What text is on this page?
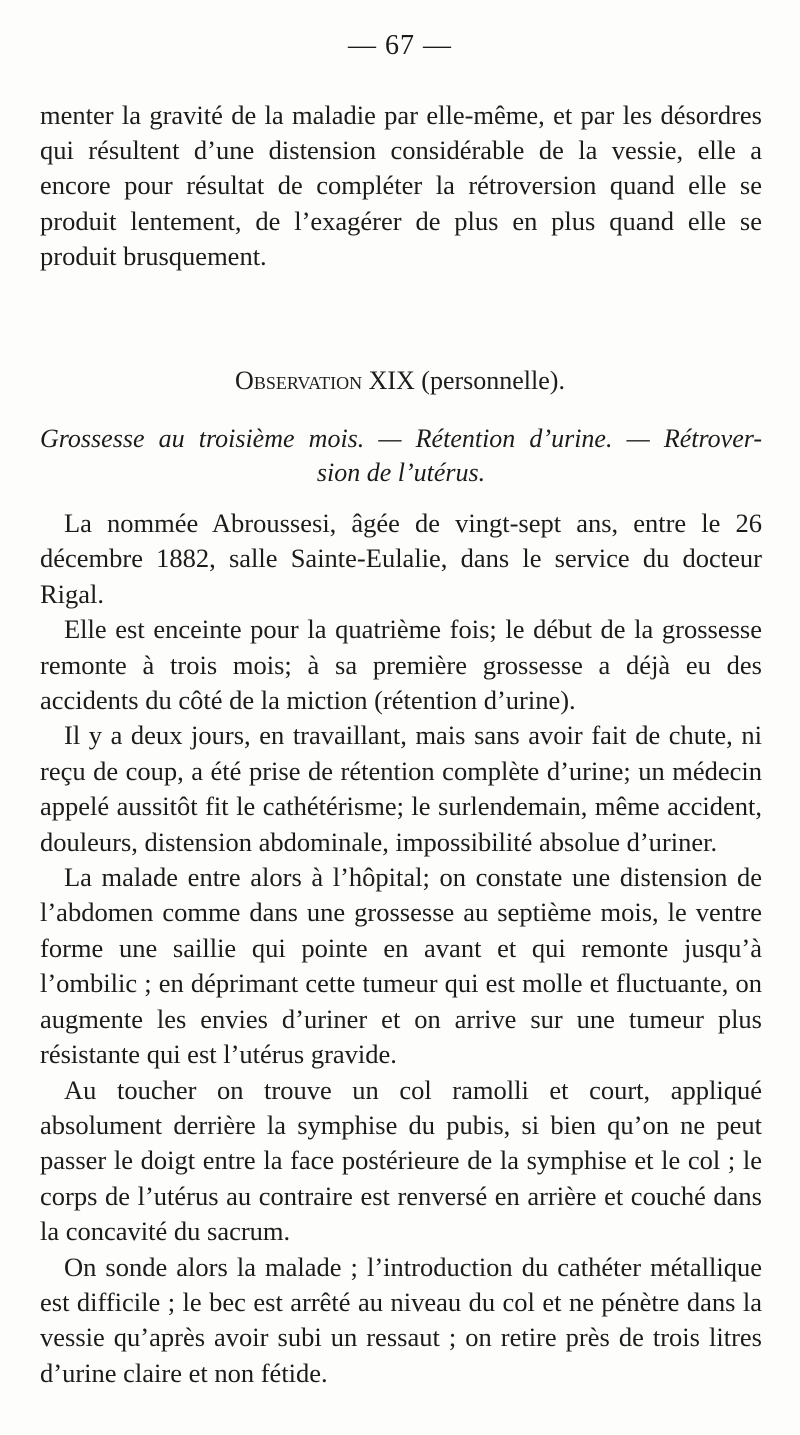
— 67 —

menter la gravité de la maladie par elle-même, et par les désordres qui résultent d’une distension considérable de la vessie, elle a encore pour résultat de compléter la rétroversion quand elle se produit lentement, de l’exagérer de plus en plus quand elle se produit brusquement.

Observation XIX (personnelle).
Grossesse au troisième mois. — Rétention d’urine. — Rétrover-
sion de l’utérus.

La nommée Abroussesi, âgée de vingt-sept ans, entre le 26 décembre 1882, salle Sainte-Eulalie, dans le service du docteur Rigal.

Elle est enceinte pour la quatrième fois; le début de la grossesse remonte à trois mois; à sa première grossesse a déjà eu des accidents du côté de la miction (rétention d’urine).

Il y a deux jours, en travaillant, mais sans avoir fait de chute, ni reçu de coup, a été prise de rétention complète d’urine; un médecin appelé aussitôt fit le cathétérisme; le surlendemain, même accident, douleurs, distension abdominale, impossibilité absolue d’uriner.

La malade entre alors à l’hôpital; on constate une distension de l’abdomen comme dans une grossesse au septième mois, le ventre forme une saillie qui pointe en avant et qui remonte jusqu’à l’ombilic ; en déprimant cette tumeur qui est molle et fluctuante, on augmente les envies d’uriner et on arrive sur une tumeur plus résistante qui est l’utérus gravide.

Au toucher on trouve un col ramolli et court, appliqué absolument derrière la symphise du pubis, si bien qu’on ne peut passer le doigt entre la face postérieure de la symphise et le col ; le corps de l’utérus au contraire est renversé en arrière et couché dans la concavité du sacrum.

On sonde alors la malade ; l’introduction du cathéter métallique est difficile ; le bec est arrêté au niveau du col et ne pénètre dans la vessie qu’après avoir subi un ressaut ; on retire près de trois litres d’urine claire et non fétide.
